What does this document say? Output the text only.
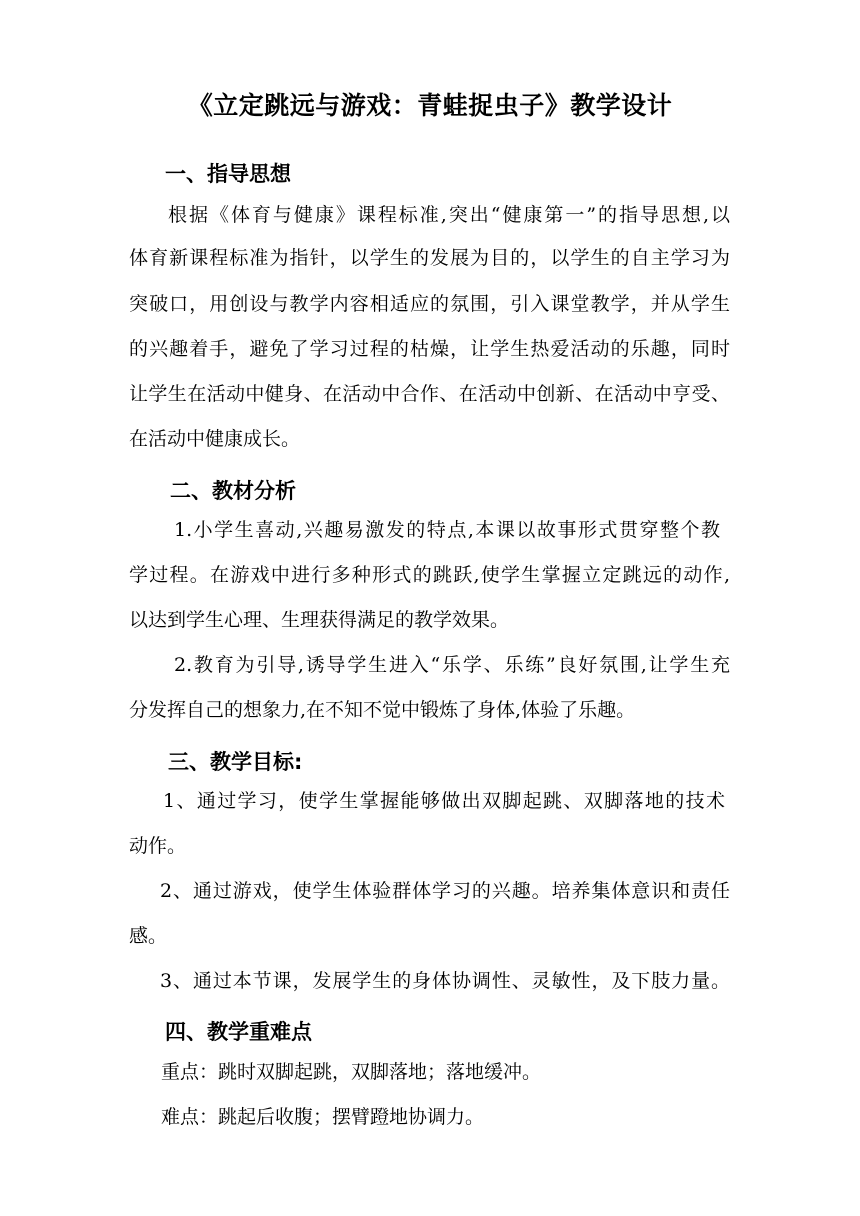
《立定跳远与游戏：青蛙捉虫子》教学设计
一、指导思想
根据《体育与健康》课程标准,突出“健康第一”的指导思想,以
体育新课程标准为指针，以学生的发展为目的，以学生的自主学习为
突破口，用创设与教学内容相适应的氛围，引入课堂教学，并从学生
的兴趣着手，避免了学习过程的枯燥，让学生热爱活动的乐趣，同时
让学生在活动中健身、在活动中合作、在活动中创新、在活动中亨受、
在活动中健康成长。
二、教材分析
1.小学生喜动,兴趣易激发的特点,本课以故事形式贯穿整个教
学过程。在游戏中进行多种形式的跳跃,使学生掌握立定跳远的动作,
以达到学生心理、生理获得满足的教学效果。
2.教育为引导,诱导学生进入“乐学、乐练”良好氛围,让学生充
分发挥自己的想象力,在不知不觉中锻炼了身体,体验了乐趣。
三、教学目标:
1、通过学习，使学生掌握能够做出双脚起跳、双脚落地的技术
动作。
2、通过游戏，使学生体验群体学习的兴趣。培养集体意识和责任
感。
3、通过本节课，发展学生的身体协调性、灵敏性，及下肢力量。
四、教学重难点
重点：跳时双脚起跳，双脚落地；落地缓冲。
难点：跳起后收腹；摆臂蹬地协调力。
